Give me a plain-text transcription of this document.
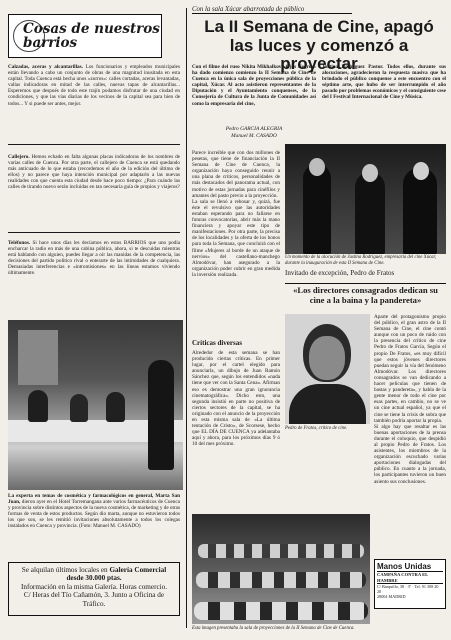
Cosas de nuestros barrios
Calzadas, aceras y alcantarillas. Los funcionarios y empleados municipales están llevando a cabo un conjunto de obras de una magnitud inusitada en esta capital. Toda Cuenca está hecha unos «zorros»: calles cortadas, aceras levantadas, vallas indicadoras en mitad de las calles, nuevas tapas de alcantarillas... Esperemos que después de todo este trajín podamos disfrutar de una ciudad en condiciones, y que las vías diarias de los vecinos de la capital sea para bien de todos... Y si puede ser antes, mejor.
Callejero. Hemos echado en falta algunas placas indicadoras de los nombres de varias calles de Cuenca. Por otra parte, el callejero de Cuenca se está quedando más anticuado de lo que estaba (recordemos el año de la edición del último de ellos) y no parece que haya intención municipal por adaptarlo a las nuevas realidades con que cuenta esta ciudad desde hace poco tiempo: ¿Para cuándo las calles de tirando nuevo serán incluidas en tan necesaria guía de propios y viajeros?
Teléfonos. Si hace unos días les decíamos en estos BARRIOS que uno podía encharcar la radio en más de una cabina pública, ahora, si te descuidas mientras está hablando con alguien, puedes llegar a oír las manidas de la competencia, las decisiones del partido político rival o enterarte de las intimidades de cualquiera. Demasiadas interferencias e «intromisiones» en las líneas estamos viviendo últimamente.
La experta en temas de cosmética y farmacológicos en general, Marta San Juan, dieron ayer en el Hotel Torremangana ante varios farmacéuticos de Cuenca y provincia sobre distintos aspectos de la nueva cosmética, de marketing y de otras formas de venta de estos productos. Según dio marta, aunque no estuvieron todos los que son, se les remitió invitaciones absolutamente a todos los colegas instalados en Cuenca y provincia. (Foto: Manuel M. CASADO)
Se alquilan últimos locales en Galería Comercial
desde 30.000 ptas.
Información en la misma Galería. Horas comercio.
C/ Heras del Tío Cañamón, 3. Junto a Oficina de Tráfico.
Con la sala Xúcar abarrotada de público
La II Semana de Cine, apagó las luces y comenzó a proyectar
Con el filme del ruso Nikita Mikhalkov «Ojos Negros» ha dado comienzo comienzo la II Semana de Cine de Cuenca en la única sala de proyecciones pública de la capital, Xúcar. Al acto asistieron representantes de la Diputación y el Ayuntamiento conquenses, de la Consejería de Cultura de la Junta de Comunidades así como la empresaria del cine,
Justina Rodríguez Pastor. Todos ellos, durante sus alocuciones, agradecieron la respuesta masiva que ha brindado el público conquense a este encuentro con el séptimo arte, que hubo de ser interrumpido el año pasado por problemas económicos y el consiguiente cese del I Festival Internacional de Cine y Música.
Pedro GARCIA ALEGRIA
Manuel M. CASADO
Parece increíble que con dos millones de pesetas, que tiene de financiación la II Semana de Cine de Cuenca, la organización haya conseguido reunir a una plana de críticos, personalidades de más destacados del panorama actual, con motivo de estas jornadas para cinéfilos y amantes del pasto previo a la proyección.
La sala se llenó a rebosar y, quizá, fue éste el revulsivo que las autoridades estaban esperando para no fallarse en futuras convocatorias, abrir más la mano financiera y apoyar este tipo de manifestaciones. Por otra parte, la precisa de los localidades y la oferta de los bonos para toda la Semana, que concluirá con el filme «Mujeres al borde de un ataque de nervios» del castellano-manchego Almodóvar, han asegurado a la organización poder cubrir en gran medida la inversión realizada.
Un momento de la alocución de Justina Rodríguez, empresaria del cine Xúcar, durante la inauguración de esta II Semana de Cine.
Invitado de excepción, Pedro de Fratos
«Los directores consagrados dedican su cine a la baina y la pandereta»
Críticas diversas
Alrededor de esta semana se han producido ciertas críticas. En primer lugar, por el cartel elegido para anunciarla, un dibujo de Juan Ramón Sánchez que, según los entendidos «nada tiene que ver con la Santa Cena». Afirman eso es demostrar una gran ignorancia cinematográfica». Dicho esto, una segunda insistió en parte no positiva de ciertos sectores de la capital, se ha originado con el anuncio de la proyección en esta misma sala de «La última tentación de Cristo», de Scorsese, hecho que EL DÍA DE CUENCA ya adelantaba aquí y ahora, para los próximos días 9 ó 10 del mes próximo.
Pedro de Fratos, crítico de cine.
Aparte del protagonismo propio del público, el gran astro de la II Semana de Cine, el cine contó aunque con un poco de ruido con la presencia del crítico de cine Pedro de Fratos García, Según el propio De Fratos, «es muy difícil que estos jóvenes directores puedan seguir la vía del fenómeno Almodóvar. Los directores consagrados se van dedicando a hacer películas que tienen de bastas y pandereta», y habla de la gente menor de todo el cine por esas partes, en cambio, no se ve un cine actual español, ya que el cine se tiene la crisis de sobra que también podría aportar la propia.
Si algo hay que resaltar es las buenas aportaciones de la prensa durante el coloquio, que despidió al propio Pedro de Fratos. Los asistentes, los miembros de la organización escuchado varias aportaciones dialogadas del público. En cuanto a la jornada, los participantes tuvieron un buen asiento sus conclusiones.
Esta imagen presentaba la sala de proyecciones de la II Semana de Cine de Cuenca.
Manos Unidas
CAMPAÑA CONTRA EL HAMBRE
C/ Barquillo, 38 · 3º · Tel. 91 308 20 20
28004 MADRID
